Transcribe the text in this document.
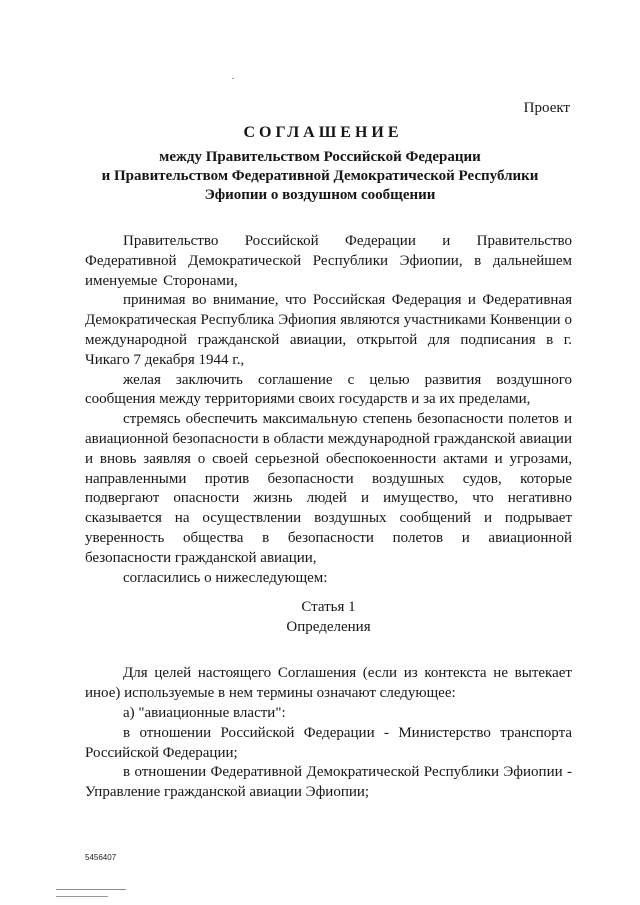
Проект
СОГЛАШЕНИЕ
между Правительством Российской Федерации
и Правительством Федеративной Демократической Республики
Эфиопии о воздушном сообщении

Правительство Российской Федерации и Правительство Федеративной Демократической Республики Эфиопии, в дальнейшем именуемые Сторонами,

принимая во внимание, что Российская Федерация и Федеративная Демократическая Республика Эфиопия являются участниками Конвенции о международной гражданской авиации, открытой для подписания в г. Чикаго 7 декабря 1944 г.,

желая заключить соглашение с целью развития воздушного сообщения между территориями своих государств и за их пределами,

стремясь обеспечить максимальную степень безопасности полетов и авиационной безопасности в области международной гражданской авиации и вновь заявляя о своей серьезной обеспокоенности актами и угрозами, направленными против безопасности воздушных судов, которые подвергают опасности жизнь людей и имущество, что негативно сказывается на осуществлении воздушных сообщений и подрывает уверенность общества в безопасности полетов и авиационной безопасности гражданской авиации,

согласились о нижеследующем:

Статья 1
Определения

Для целей настоящего Соглашения (если из контекста не вытекает иное) используемые в нем термины означают следующее:

а) "авиационные власти":

в отношении Российской Федерации - Министерство транспорта Российской Федерации;

в отношении Федеративной Демократической Республики Эфиопии - Управление гражданской авиации Эфиопии;

5456407
